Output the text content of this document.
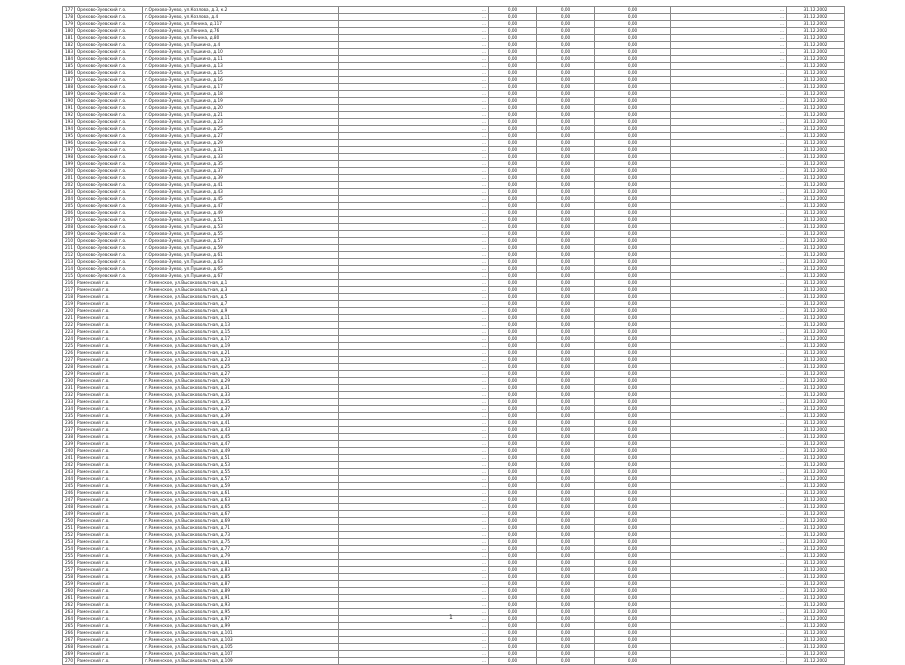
177	Орехово-Зуевский г.о.	г.Орехово-Зуево, ул.Козлова, д.3, к.2	…	0,00	0,00	0,00	…	31.12.2002
178	Орехово-Зуевский г.о.	г.Орехово-Зуево, ул.Козлова, д.4	…	0,00	0,00	0,00	…	31.12.2002
179	Орехово-Зуевский г.о.	г.Орехово-Зуево, ул.Ленина, д.117	…	0,00	0,00	0,00	…	31.12.2002
180	Орехово-Зуевский г.о.	г.Орехово-Зуево, ул.Ленина, д.76	…	0,00	0,00	0,00	…	31.12.2002
181	Орехово-Зуевский г.о.	г.Орехово-Зуево, ул.Ленина, д.80	…	0,00	0,00	0,00	…	31.12.2002
182	Орехово-Зуевский г.о.	г.Орехово-Зуево, ул.Пушкина, д.4	…	0,00	0,00	0,00	…	31.12.2002
183	Орехово-Зуевский г.о.	г.Орехово-Зуево, ул.Пушкина, д.10	…	0,00	0,00	0,00	…	31.12.2002
184	Орехово-Зуевский г.о.	г.Орехово-Зуево, ул.Пушкина, д.11	…	0,00	0,00	0,00	…	31.12.2002
185	Орехово-Зуевский г.о.	г.Орехово-Зуево, ул.Пушкина, д.13	…	0,00	0,00	0,00	…	31.12.2002
186	Орехово-Зуевский г.о.	г.Орехово-Зуево, ул.Пушкина, д.15	…	0,00	0,00	0,00	…	31.12.2002
187	Орехово-Зуевский г.о.	г.Орехово-Зуево, ул.Пушкина, д.16	…	0,00	0,00	0,00	…	31.12.2002
188	Орехово-Зуевский г.о.	г.Орехово-Зуево, ул.Пушкина, д.17	…	0,00	0,00	0,00	…	31.12.2002
189	Орехово-Зуевский г.о.	г.Орехово-Зуево, ул.Пушкина, д.18	…	0,00	0,00	0,00	…	31.12.2002
190	Орехово-Зуевский г.о.	г.Орехово-Зуево, ул.Пушкина, д.19	…	0,00	0,00	0,00	…	31.12.2002
191	Орехово-Зуевский г.о.	г.Орехово-Зуево, ул.Пушкина, д.20	…	0,00	0,00	0,00	…	31.12.2002
192	Орехово-Зуевский г.о.	г.Орехово-Зуево, ул.Пушкина, д.21	…	0,00	0,00	0,00	…	31.12.2002
193	Орехово-Зуевский г.о.	г.Орехово-Зуево, ул.Пушкина, д.23	…	0,00	0,00	0,00	…	31.12.2002
194	Орехово-Зуевский г.о.	г.Орехово-Зуево, ул.Пушкина, д.25	…	0,00	0,00	0,00	…	31.12.2002
195	Орехово-Зуевский г.о.	г.Орехово-Зуево, ул.Пушкина, д.27	…	0,00	0,00	0,00	…	31.12.2002
196	Орехово-Зуевский г.о.	г.Орехово-Зуево, ул.Пушкина, д.29	…	0,00	0,00	0,00	…	31.12.2002
197	Орехово-Зуевский г.о.	г.Орехово-Зуево, ул.Пушкина, д.31	…	0,00	0,00	0,00	…	31.12.2002
198	Орехово-Зуевский г.о.	г.Орехово-Зуево, ул.Пушкина, д.33	…	0,00	0,00	0,00	…	31.12.2002
199	Орехово-Зуевский г.о.	г.Орехово-Зуево, ул.Пушкина, д.35	…	0,00	0,00	0,00	…	31.12.2002
200	Орехово-Зуевский г.о.	г.Орехово-Зуево, ул.Пушкина, д.37	…	0,00	0,00	0,00	…	31.12.2002
201	Орехово-Зуевский г.о.	г.Орехово-Зуево, ул.Пушкина, д.39	…	0,00	0,00	0,00	…	31.12.2002
202	Орехово-Зуевский г.о.	г.Орехово-Зуево, ул.Пушкина, д.41	…	0,00	0,00	0,00	…	31.12.2002
203	Орехово-Зуевский г.о.	г.Орехово-Зуево, ул.Пушкина, д.43	…	0,00	0,00	0,00	…	31.12.2002
204	Орехово-Зуевский г.о.	г.Орехово-Зуево, ул.Пушкина, д.45	…	0,00	0,00	0,00	…	31.12.2002
205	Орехово-Зуевский г.о.	г.Орехово-Зуево, ул.Пушкина, д.47	…	0,00	0,00	0,00	…	31.12.2002
206	Орехово-Зуевский г.о.	г.Орехово-Зуево, ул.Пушкина, д.49	…	0,00	0,00	0,00	…	31.12.2002
207	Орехово-Зуевский г.о.	г.Орехово-Зуево, ул.Пушкина, д.51	…	0,00	0,00	0,00	…	31.12.2002
208	Орехово-Зуевский г.о.	г.Орехово-Зуево, ул.Пушкина, д.53	…	0,00	0,00	0,00	…	31.12.2002
209	Орехово-Зуевский г.о.	г.Орехово-Зуево, ул.Пушкина, д.55	…	0,00	0,00	0,00	…	31.12.2002
210	Орехово-Зуевский г.о.	г.Орехово-Зуево, ул.Пушкина, д.57	…	0,00	0,00	0,00	…	31.12.2002
211	Орехово-Зуевский г.о.	г.Орехово-Зуево, ул.Пушкина, д.59	…	0,00	0,00	0,00	…	31.12.2002
212	Орехово-Зуевский г.о.	г.Орехово-Зуево, ул.Пушкина, д.61	…	0,00	0,00	0,00	…	31.12.2002
213	Орехово-Зуевский г.о.	г.Орехово-Зуево, ул.Пушкина, д.63	…	0,00	0,00	0,00	…	31.12.2002
214	Орехово-Зуевский г.о.	г.Орехово-Зуево, ул.Пушкина, д.65	…	0,00	0,00	0,00	…	31.12.2002
215	Орехово-Зуевский г.о.	г.Орехово-Зуево, ул.Пушкина, д.67	…	0,00	0,00	0,00	…	31.12.2002
216	Раменский г.о.	г.Раменское, ул.Высоковольтная, д.1	…	0,00	0,00	0,00	…	31.12.2002
217	Раменский г.о.	г.Раменское, ул.Высоковольтная, д.3	…	0,00	0,00	0,00	…	31.12.2002
218	Раменский г.о.	г.Раменское, ул.Высоковольтная, д.5	…	0,00	0,00	0,00	…	31.12.2002
219	Раменский г.о.	г.Раменское, ул.Высоковольтная, д.7	…	0,00	0,00	0,00	…	31.12.2002
220	Раменский г.о.	г.Раменское, ул.Высоковольтная, д.9	…	0,00	0,00	0,00	…	31.12.2002
221	Раменский г.о.	г.Раменское, ул.Высоковольтная, д.11	…	0,00	0,00	0,00	…	31.12.2002
222	Раменский г.о.	г.Раменское, ул.Высоковольтная, д.13	…	0,00	0,00	0,00	…	31.12.2002
223	Раменский г.о.	г.Раменское, ул.Высоковольтная, д.15	…	0,00	0,00	0,00	…	31.12.2002
224	Раменский г.о.	г.Раменское, ул.Высоковольтная, д.17	…	0,00	0,00	0,00	…	31.12.2002
225	Раменский г.о.	г.Раменское, ул.Высоковольтная, д.19	…	0,00	0,00	0,00	…	31.12.2002
226	Раменский г.о.	г.Раменское, ул.Высоковольтная, д.21	…	0,00	0,00	0,00	…	31.12.2002
227	Раменский г.о.	г.Раменское, ул.Высоковольтная, д.23	…	0,00	0,00	0,00	…	31.12.2002
228	Раменский г.о.	г.Раменское, ул.Высоковольтная, д.25	…	0,00	0,00	0,00	…	31.12.2002
229	Раменский г.о.	г.Раменское, ул.Высоковольтная, д.27	…	0,00	0,00	0,00	…	31.12.2002
230	Раменский г.о.	г.Раменское, ул.Высоковольтная, д.29	…	0,00	0,00	0,00	…	31.12.2002
231	Раменский г.о.	г.Раменское, ул.Высоковольтная, д.31	…	0,00	0,00	0,00	…	31.12.2002
232	Раменский г.о.	г.Раменское, ул.Высоковольтная, д.33	…	0,00	0,00	0,00	…	31.12.2002
233	Раменский г.о.	г.Раменское, ул.Высоковольтная, д.35	…	0,00	0,00	0,00	…	31.12.2002
234	Раменский г.о.	г.Раменское, ул.Высоковольтная, д.37	…	0,00	0,00	0,00	…	31.12.2002
235	Раменский г.о.	г.Раменское, ул.Высоковольтная, д.39	…	0,00	0,00	0,00	…	31.12.2002
236	Раменский г.о.	г.Раменское, ул.Высоковольтная, д.41	…	0,00	0,00	0,00	…	31.12.2002
237	Раменский г.о.	г.Раменское, ул.Высоковольтная, д.43	…	0,00	0,00	0,00	…	31.12.2002
238	Раменский г.о.	г.Раменское, ул.Высоковольтная, д.45	…	0,00	0,00	0,00	…	31.12.2002
239	Раменский г.о.	г.Раменское, ул.Высоковольтная, д.47	…	0,00	0,00	0,00	…	31.12.2002
240	Раменский г.о.	г.Раменское, ул.Высоковольтная, д.49	…	0,00	0,00	0,00	…	31.12.2002
241	Раменский г.о.	г.Раменское, ул.Высоковольтная, д.51	…	0,00	0,00	0,00	…	31.12.2002
242	Раменский г.о.	г.Раменское, ул.Высоковольтная, д.53	…	0,00	0,00	0,00	…	31.12.2002
243	Раменский г.о.	г.Раменское, ул.Высоковольтная, д.55	…	0,00	0,00	0,00	…	31.12.2002
244	Раменский г.о.	г.Раменское, ул.Высоковольтная, д.57	…	0,00	0,00	0,00	…	31.12.2002
245	Раменский г.о.	г.Раменское, ул.Высоковольтная, д.59	…	0,00	0,00	0,00	…	31.12.2002
246	Раменский г.о.	г.Раменское, ул.Высоковольтная, д.61	…	0,00	0,00	0,00	…	31.12.2002
247	Раменский г.о.	г.Раменское, ул.Высоковольтная, д.63	…	0,00	0,00	0,00	…	31.12.2002
248	Раменский г.о.	г.Раменское, ул.Высоковольтная, д.65	…	0,00	0,00	0,00	…	31.12.2002
249	Раменский г.о.	г.Раменское, ул.Высоковольтная, д.67	…	0,00	0,00	0,00	…	31.12.2002
250	Раменский г.о.	г.Раменское, ул.Высоковольтная, д.69	…	0,00	0,00	0,00	…	31.12.2002
251	Раменский г.о.	г.Раменское, ул.Высоковольтная, д.71	…	0,00	0,00	0,00	…	31.12.2002
252	Раменский г.о.	г.Раменское, ул.Высоковольтная, д.73	…	0,00	0,00	0,00	…	31.12.2002
253	Раменский г.о.	г.Раменское, ул.Высоковольтная, д.75	…	0,00	0,00	0,00	…	31.12.2002
254	Раменский г.о.	г.Раменское, ул.Высоковольтная, д.77	…	0,00	0,00	0,00	…	31.12.2002
255	Раменский г.о.	г.Раменское, ул.Высоковольтная, д.79	…	0,00	0,00	0,00	…	31.12.2002
256	Раменский г.о.	г.Раменское, ул.Высоковольтная, д.81	…	0,00	0,00	0,00	…	31.12.2002
257	Раменский г.о.	г.Раменское, ул.Высоковольтная, д.83	…	0,00	0,00	0,00	…	31.12.2002
258	Раменский г.о.	г.Раменское, ул.Высоковольтная, д.85	…	0,00	0,00	0,00	…	31.12.2002
259	Раменский г.о.	г.Раменское, ул.Высоковольтная, д.87	…	0,00	0,00	0,00	…	31.12.2002
260	Раменский г.о.	г.Раменское, ул.Высоковольтная, д.89	…	0,00	0,00	0,00	…	31.12.2002
261	Раменский г.о.	г.Раменское, ул.Высоковольтная, д.91	…	0,00	0,00	0,00	…	31.12.2002
262	Раменский г.о.	г.Раменское, ул.Высоковольтная, д.93	…	0,00	0,00	0,00	…	31.12.2002
263	Раменский г.о.	г.Раменское, ул.Высоковольтная, д.95	…	0,00	0,00	0,00	…	31.12.2002
264	Раменский г.о.	г.Раменское, ул.Высоковольтная, д.97	…	0,00	0,00	0,00	…	31.12.2002
265	Раменский г.о.	г.Раменское, ул.Высоковольтная, д.99	…	0,00	0,00	0,00	…	31.12.2002
266	Раменский г.о.	г.Раменское, ул.Высоковольтная, д.101	…	0,00	0,00	0,00	…	31.12.2002
267	Раменский г.о.	г.Раменское, ул.Высоковольтная, д.103	…	0,00	0,00	0,00	…	31.12.2002
268	Раменский г.о.	г.Раменское, ул.Высоковольтная, д.105	…	0,00	0,00	0,00	…	31.12.2002
269	Раменский г.о.	г.Раменское, ул.Высоковольтная, д.107	…	0,00	0,00	0,00	…	31.12.2002
270	Раменский г.о.	г.Раменское, ул.Высоковольтная, д.109	…	0,00	0,00	0,00	…	31.12.2002
1
